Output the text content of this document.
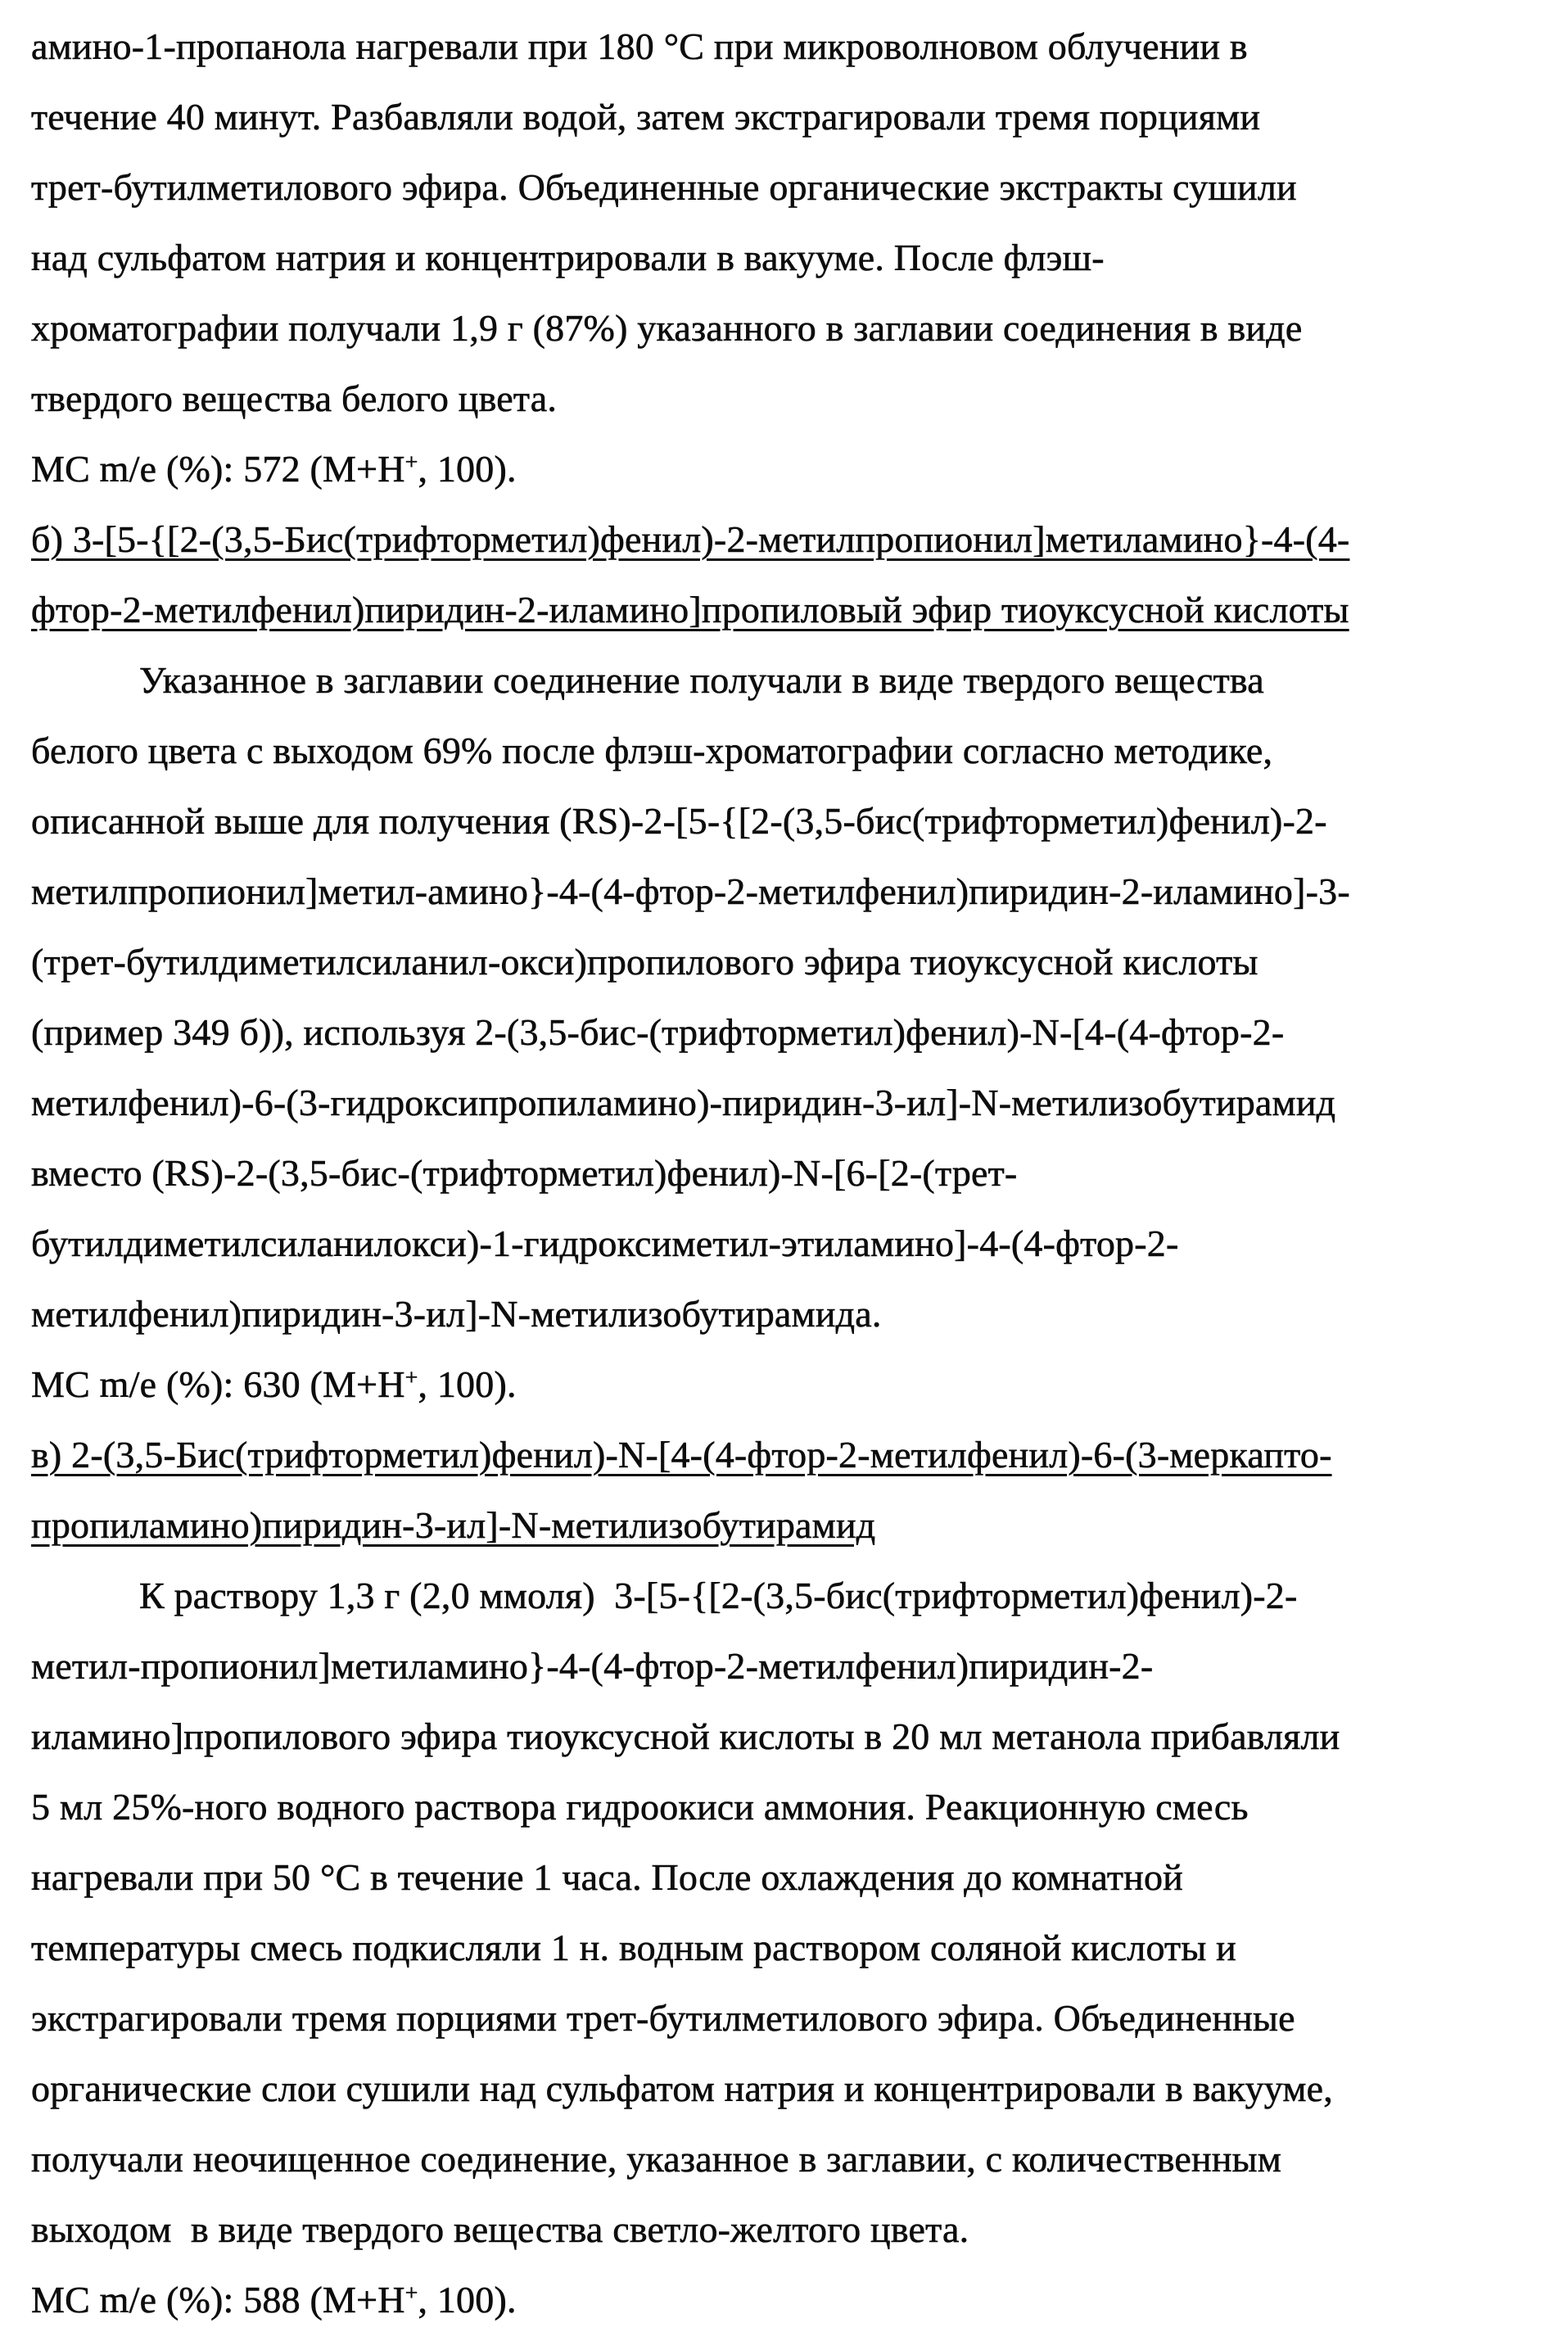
амино-1-пропанола нагревали при 180 °С при микроволновом облучении в
течение 40 минут. Разбавляли водой, затем экстрагировали тремя порциями
трет-бутилметилового эфира. Объединенные органические экстракты сушили
над сульфатом натрия и концентрировали в вакууме. После флэш-
хроматографии получали 1,9 г (87%) указанного в заглавии соединения в виде
твердого вещества белого цвета.
МС m/e (%): 572 (М+Н+, 100).
б) 3-[5-{[2-(3,5-Бис(трифторметил)фенил)-2-метилпропионил]метиламино}-4-(4-
фтор-2-метилфенил)пиридин-2-иламино]пропиловый эфир тиоуксусной кислоты
Указанное в заглавии соединение получали в виде твердого вещества
белого цвета с выходом 69% после флэш-хроматографии согласно методике,
описанной выше для получения (RS)-2-[5-{[2-(3,5-бис(трифторметил)фенил)-2-
метилпропионил]метил-амино}-4-(4-фтор-2-метилфенил)пиридин-2-иламино]-3-
(трет-бутилдиметилсиланил-окси)пропилового эфира тиоуксусной кислоты
(пример 349 б)), используя 2-(3,5-бис-(трифторметил)фенил)-N-[4-(4-фтор-2-
метилфенил)-6-(3-гидроксипропиламино)-пиридин-3-ил]-N-метилизобутирамид
вместо (RS)-2-(3,5-бис-(трифторметил)фенил)-N-[6-[2-(трет-
бутилдиметилсиланилокси)-1-гидроксиметил-этиламино]-4-(4-фтор-2-
метилфенил)пиридин-3-ил]-N-метилизобутирамида.
МС m/e (%): 630 (М+Н+, 100).
в) 2-(3,5-Бис(трифторметил)фенил)-N-[4-(4-фтор-2-метилфенил)-6-(3-меркапто-
пропиламино)пиридин-3-ил]-N-метилизобутирамид
К раствору 1,3 г (2,0 ммоля)  3-[5-{[2-(3,5-бис(трифторметил)фенил)-2-
метил-пропионил]метиламино}-4-(4-фтор-2-метилфенил)пиридин-2-
иламино]пропилового эфира тиоуксусной кислоты в 20 мл метанола прибавляли
5 мл 25%-ного водного раствора гидроокиси аммония. Реакционную смесь
нагревали при 50 °С в течение 1 часа. После охлаждения до комнатной
температуры смесь подкисляли 1 н. водным раствором соляной кислоты и
экстрагировали тремя порциями трет-бутилметилового эфира. Объединенные
органические слои сушили над сульфатом натрия и концентрировали в вакууме,
получали неочищенное соединение, указанное в заглавии, с количественным
выходом  в виде твердого вещества светло-желтого цвета.
МС m/e (%): 588 (М+Н+, 100).
